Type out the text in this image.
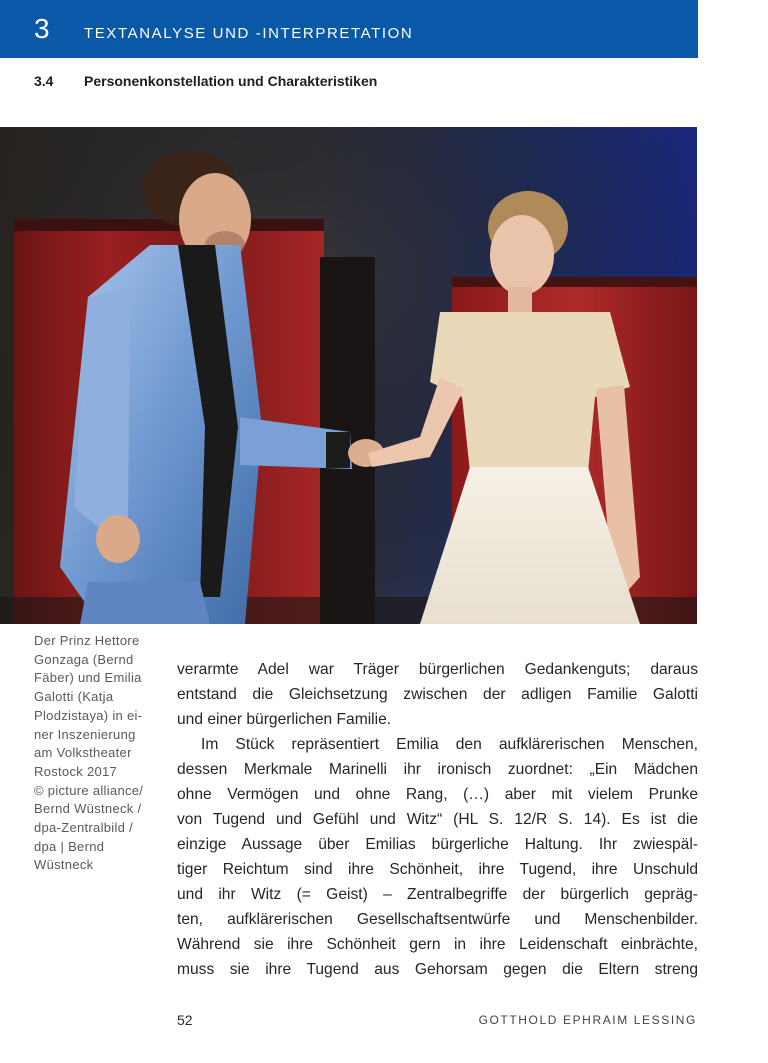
3 TEXTANALYSE UND -INTERPRETATION
3.4 Personenkonstellation und Charakteristiken
Der Prinz Hettore
Gonzaga (Bernd
Fäber) und Emilia
Galotti (Katja
Plodzistaya) in ei-
ner Inszenierung
am Volkstheater
Rostock 2017
© picture alliance/
Bernd Wüstneck /
dpa-Zentralbild /
dpa | Bernd
Wüstneck
verarmte Adel war Träger bürgerlichen Gedankenguts; daraus
entstand die Gleichsetzung zwischen der adligen Familie Galotti
und einer bürgerlichen Familie.
Im Stück repräsentiert Emilia den aufklärerischen Menschen,
dessen Merkmale Marinelli ihr ironisch zuordnet: „Ein Mädchen
ohne Vermögen und ohne Rang, (…) aber mit vielem Prunke
von Tugend und Gefühl und Witz“ (HL S. 12/R S. 14). Es ist die
einzige Aussage über Emilias bürgerliche Haltung. Ihr zwiespäl-
tiger Reichtum sind ihre Schönheit, ihre Tugend, ihre Unschuld
und ihr Witz (= Geist) – Zentralbegriffe der bürgerlich gepräg-
ten, aufklärerischen Gesellschaftsentwürfe und Menschenbilder.
Während sie ihre Schönheit gern in ihre Leidenschaft einbrächte,
muss sie ihre Tugend aus Gehorsam gegen die Eltern streng
52	GOTTHOLD EPHRAIM LESSING
